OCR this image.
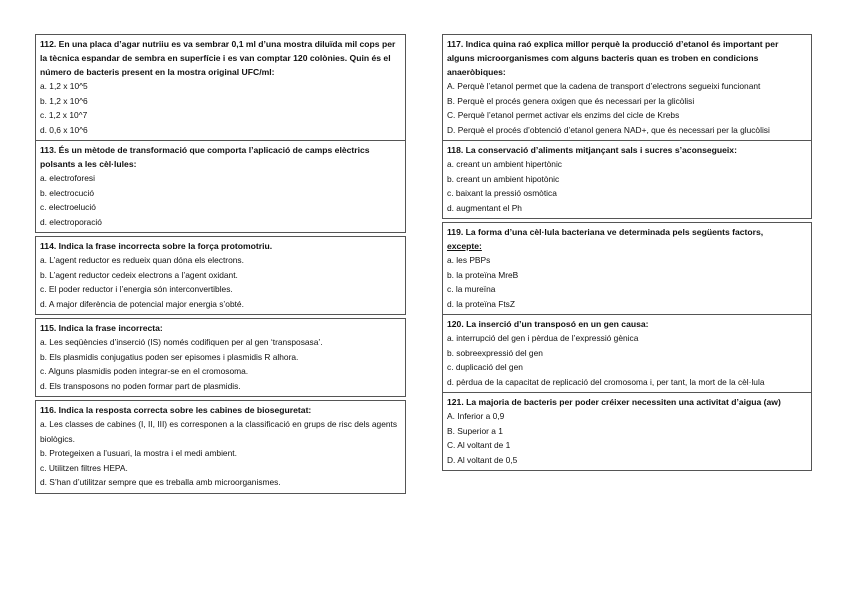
112. En una placa d’agar nutriiu es va sembrar 0,1 ml d’una mostra diluïda mil cops per la tècnica espandar de sembra en superfície i es van comptar 120 colònies. Quin és el número de bacteris present en la mostra original UFC/ml:
a. 1,2 x 10^5
b. 1,2 x 10^6
c. 1,2 x 10^7
d. 0,6 x 10^6
113. És un mètode de transformació que comporta l’aplicació de camps elèctrics polsants a les cèl·lules:
a. electroforesi
b. electrocució
c. electroelució
d. electroporació
114. Indica la frase incorrecta sobre la força protomotriu.
a. L’agent reductor es redueix quan dóna els electrons.
b. L’agent reductor cedeix electrons a l’agent oxidant.
c. El poder reductor i l’energia són interconvertibles.
d. A major diferència de potencial major energia s’obté.
115. Indica la frase incorrecta:
a. Les seqüències d’inserció (IS) només codifiquen per al gen ‘transposasa’.
b. Els plasmidis conjugatius poden ser episomes i plasmidis R alhora.
c. Alguns plasmidis poden integrar-se en el cromosoma.
d. Els transposons no poden formar part de plasmidis.
116. Indica la resposta correcta sobre les cabines de bioseguretat:
a. Les classes de cabines (I, II, III) es corresponen a la classificació en grups de risc dels agents biològics.
b. Protegeixen a l’usuari, la mostra i el medi ambient.
c. Utilitzen filtres HEPA.
d. S’han d’utilitzar sempre que es treballa amb microorganismes.
117. Indica quina raó explica millor perquè la producció d’etanol és important per alguns microorganismes com alguns bacteris quan es troben en condicions anaeròbiques:
A. Perquè l’etanol permet que la cadena de transport d’electrons segueixi funcionant
B. Perquè el procés genera oxigen que és necessari per la glicòlisi
C. Perquè l’etanol permet activar els enzims del cicle de Krebs
D. Perquè el procés d’obtenció d’etanol genera NAD+, que és necessari per la glucòlisi
118. La conservació d’aliments mitjançant sals i sucres s’aconsegueix:
a. creant un ambient hipertònic
b. creant un ambient hipotònic
c. baixant la pressió osmòtica
d. augmentant el Ph
119. La forma d’una cèl·lula bacteriana ve determinada pels següents factors,
excepte:
a. les PBPs
b. la proteïna MreB
c. la mureïna
d. la proteïna FtsZ
120. La inserció d’un transposó en un gen causa:
a. interrupció del gen i pèrdua de l’expressió gènica
b. sobreexpressió del gen
c. duplicació del gen
d. pèrdua de la capacitat de replicació del cromosoma i, per tant, la mort de la cèl·lula
121. La majoria de bacteris per poder créixer necessiten una activitat d’aigua (aw)
A. Inferior a 0,9
B. Superior a 1
C. Al voltant de 1
D. Al voltant de 0,5
